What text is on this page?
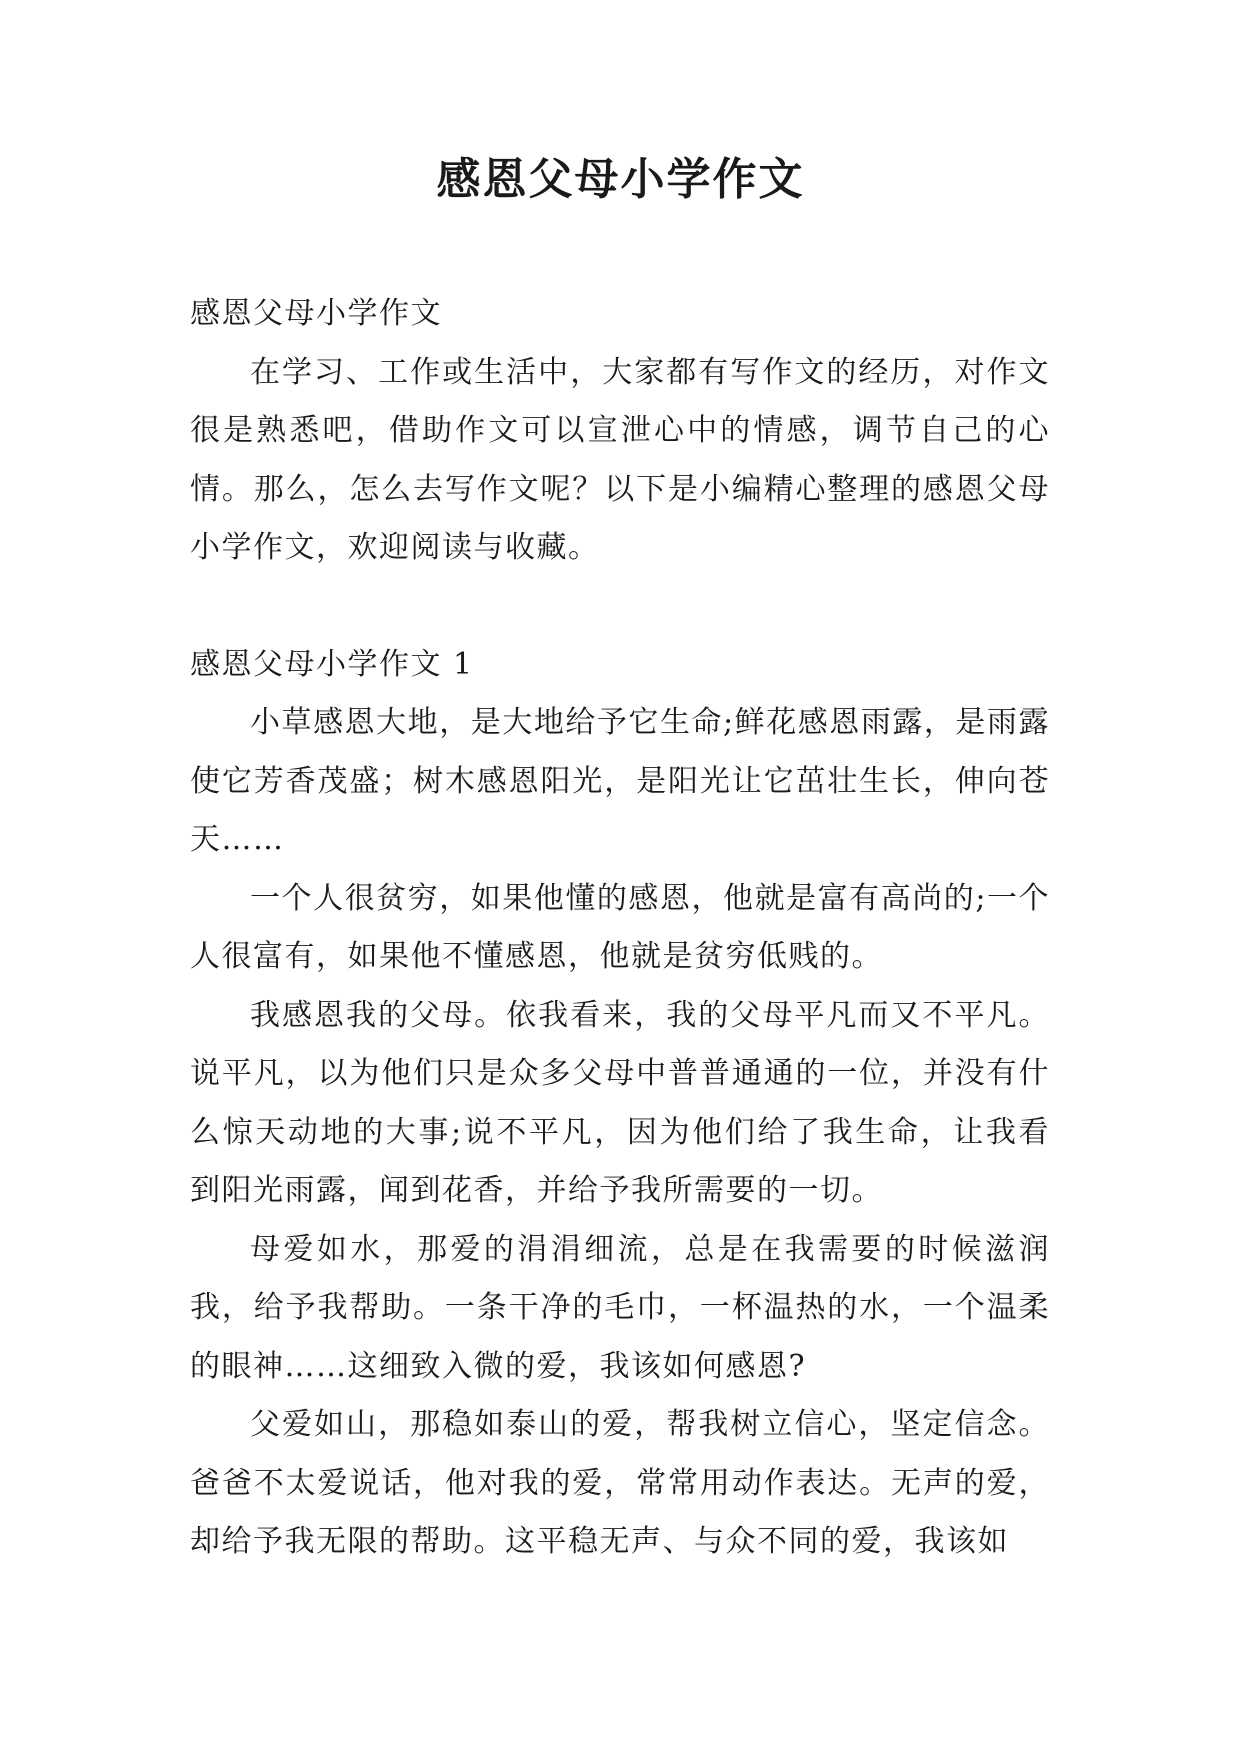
感恩父母小学作文

感恩父母小学作文

在学习、工作或生活中，大家都有写作文的经历，对作文很是熟悉吧，借助作文可以宣泄心中的情感，调节自己的心情。那么，怎么去写作文呢？以下是小编精心整理的感恩父母小学作文，欢迎阅读与收藏。

感恩父母小学作文 1

小草感恩大地，是大地给予它生命;鲜花感恩雨露，是雨露使它芳香茂盛；树木感恩阳光，是阳光让它茁壮生长，伸向苍天……

一个人很贫穷，如果他懂的感恩，他就是富有高尚的;一个人很富有，如果他不懂感恩，他就是贫穷低贱的。

我感恩我的父母。依我看来，我的父母平凡而又不平凡。说平凡，以为他们只是众多父母中普普通通的一位，并没有什么惊天动地的大事;说不平凡，因为他们给了我生命，让我看到阳光雨露，闻到花香，并给予我所需要的一切。

母爱如水，那爱的涓涓细流，总是在我需要的时候滋润我，给予我帮助。一条干净的毛巾，一杯温热的水，一个温柔的眼神……这细致入微的爱，我该如何感恩?

父爱如山，那稳如泰山的爱，帮我树立信心，坚定信念。爸爸不太爱说话，他对我的爱，常常用动作表达。无声的爱，却给予我无限的帮助。这平稳无声、与众不同的爱，我该如
